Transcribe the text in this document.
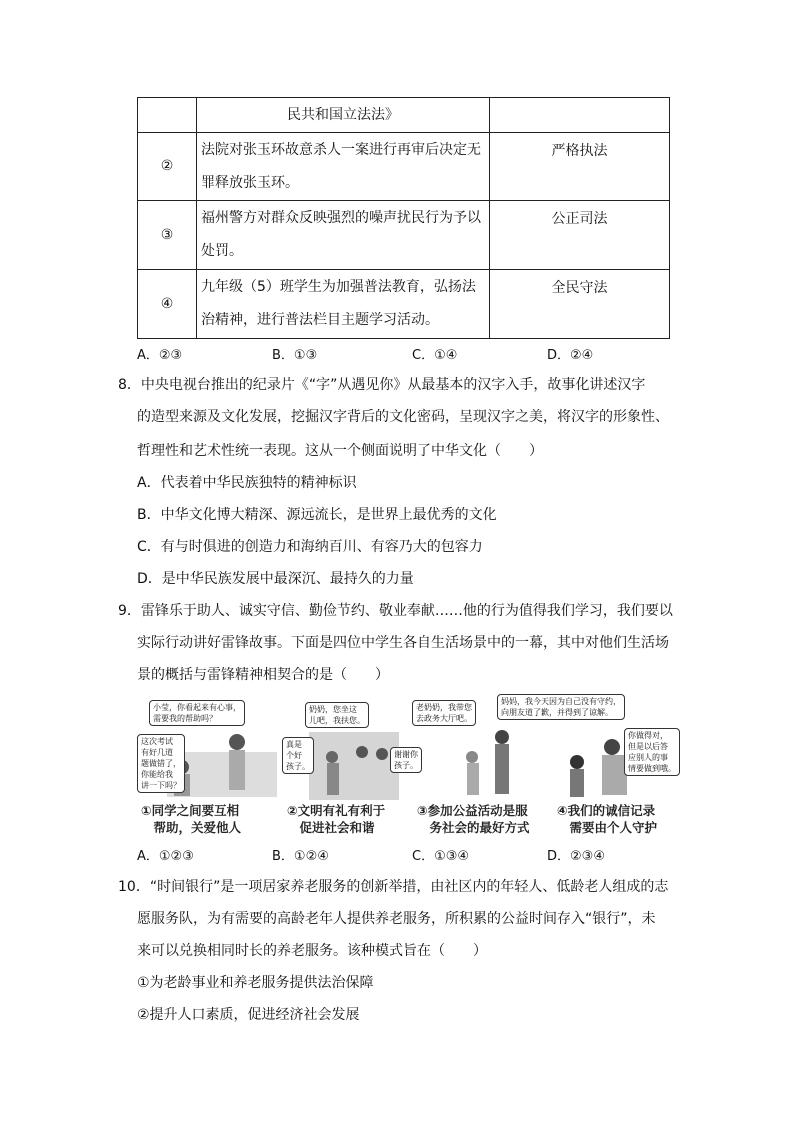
	民共和国立法法》	
②	法院对张玉环故意杀人一案进行再审后决定无罪释放张玉环。	严格执法
③	福州警方对群众反映强烈的噪声扰民行为予以处罚。	公正司法
④	九年级（5）班学生为加强普法教育，弘扬法治精神，进行普法栏目主题学习活动。	全民守法
A．②③	B．①③	C．①④	D．②④
8．中央电视台推出的纪录片《“字”从遇见你》从最基本的汉字入手，故事化讲述汉字
的造型来源及文化发展，挖掘汉字背后的文化密码，呈现汉字之美，将汉字的形象性、
哲理性和艺术性统一表现。这从一个侧面说明了中华文化（　　）
A．代表着中华民族独特的精神标识
B．中华文化博大精深、源远流长，是世界上最优秀的文化
C．有与时俱进的创造力和海纳百川、有容乃大的包容力
D．是中华民族发展中最深沉、最持久的力量
9．雷锋乐于助人、诚实守信、勤俭节约、敬业奉献……他的行为值得我们学习，我们要以
实际行动讲好雷锋故事。下面是四位中学生各自生活场景中的一幕，其中对他们生活场
景的概括与雷锋精神相契合的是（　　）
小莹，你看起来有心事，
需要我的帮助吗？
这次考试
有好几道
题做错了，
你能给我
讲一下吗？
奶奶，您坐这
儿吧，我扶您。
真是
个好
孩子。
老奶奶，我带您
去政务大厅吧。
谢谢你
孩子。
妈妈，我今天因为自己没有守约，
向朋友道了歉，并得到了谅解。
你做得对，
但是以后答
应别人的事
情要做到哦。
①同学之间要互相
　帮助，关爱他人
②文明有礼有利于
　促进社会和谐
③参加公益活动是服
　务社会的最好方式
④我们的诚信记录
　需要由个人守护
A．①②③	B．①②④	C．①③④	D．②③④
10．“时间银行”是一项居家养老服务的创新举措，由社区内的年轻人、低龄老人组成的志
愿服务队，为有需要的高龄老年人提供养老服务，所积累的公益时间存入“银行”，未
来可以兑换相同时长的养老服务。该种模式旨在（　　）
①为老龄事业和养老服务提供法治保障
②提升人口素质，促进经济社会发展
